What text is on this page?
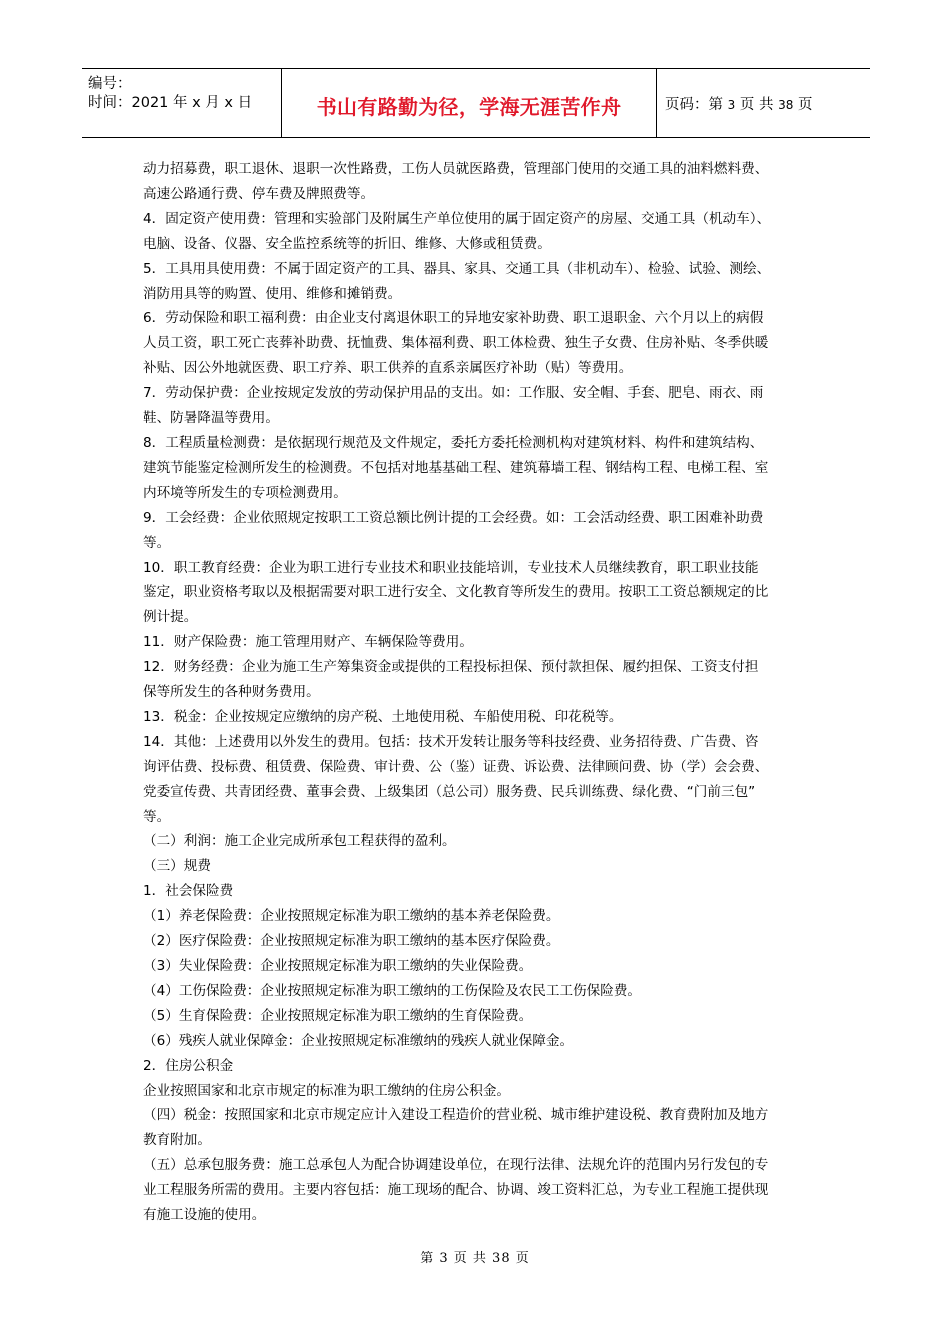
编号：
时间：2021 年 x 月 x 日	书山有路勤为径，学海无涯苦作舟	页码：第 3 页 共 38 页

动力招募费，职工退休、退职一次性路费，工伤人员就医路费，管理部门使用的交通工具的油料燃料费、

高速公路通行费、停车费及牌照费等。

4．固定资产使用费：管理和实验部门及附属生产单位使用的属于固定资产的房屋、交通工具（机动车）、

电脑、设备、仪器、安全监控系统等的折旧、维修、大修或租赁费。

5．工具用具使用费：不属于固定资产的工具、器具、家具、交通工具（非机动车）、检验、试验、测绘、

消防用具等的购置、使用、维修和摊销费。

6．劳动保险和职工福利费：由企业支付离退休职工的异地安家补助费、职工退职金、六个月以上的病假

人员工资，职工死亡丧葬补助费、抚恤费、集体福利费、职工体检费、独生子女费、住房补贴、冬季供暖

补贴、因公外地就医费、职工疗养、职工供养的直系亲属医疗补助（贴）等费用。

7．劳动保护费：企业按规定发放的劳动保护用品的支出。如：工作服、安全帽、手套、肥皂、雨衣、雨

鞋、防暑降温等费用。

8．工程质量检测费：是依据现行规范及文件规定，委托方委托检测机构对建筑材料、构件和建筑结构、

建筑节能鉴定检测所发生的检测费。不包括对地基基础工程、建筑幕墙工程、钢结构工程、电梯工程、室

内环境等所发生的专项检测费用。

9．工会经费：企业依照规定按职工工资总额比例计提的工会经费。如：工会活动经费、职工困难补助费

等。

10．职工教育经费：企业为职工进行专业技术和职业技能培训，专业技术人员继续教育，职工职业技能

鉴定，职业资格考取以及根据需要对职工进行安全、文化教育等所发生的费用。按职工工资总额规定的比

例计提。

11．财产保险费：施工管理用财产、车辆保险等费用。

12．财务经费：企业为施工生产筹集资金或提供的工程投标担保、预付款担保、履约担保、工资支付担

保等所发生的各种财务费用。

13．税金：企业按规定应缴纳的房产税、土地使用税、车船使用税、印花税等。

14．其他：上述费用以外发生的费用。包括：技术开发转让服务等科技经费、业务招待费、广告费、咨

询评估费、投标费、租赁费、保险费、审计费、公（鉴）证费、诉讼费、法律顾问费、协（学）会会费、

党委宣传费、共青团经费、董事会费、上级集团（总公司）服务费、民兵训练费、绿化费、“门前三包”

等。

（二）利润：施工企业完成所承包工程获得的盈利。

（三）规费

1．社会保险费

（1）养老保险费：企业按照规定标准为职工缴纳的基本养老保险费。

（2）医疗保险费：企业按照规定标准为职工缴纳的基本医疗保险费。

（3）失业保险费：企业按照规定标准为职工缴纳的失业保险费。

（4）工伤保险费：企业按照规定标准为职工缴纳的工伤保险及农民工工伤保险费。

（5）生育保险费：企业按照规定标准为职工缴纳的生育保险费。

（6）残疾人就业保障金：企业按照规定标准缴纳的残疾人就业保障金。

2．住房公积金

企业按照国家和北京市规定的标准为职工缴纳的住房公积金。

（四）税金：按照国家和北京市规定应计入建设工程造价的营业税、城市维护建设税、教育费附加及地方

教育附加。

（五）总承包服务费：施工总承包人为配合协调建设单位，在现行法律、法规允许的范围内另行发包的专

业工程服务所需的费用。主要内容包括：施工现场的配合、协调、竣工资料汇总，为专业工程施工提供现

有施工设施的使用。

第 3 页 共 38 页
